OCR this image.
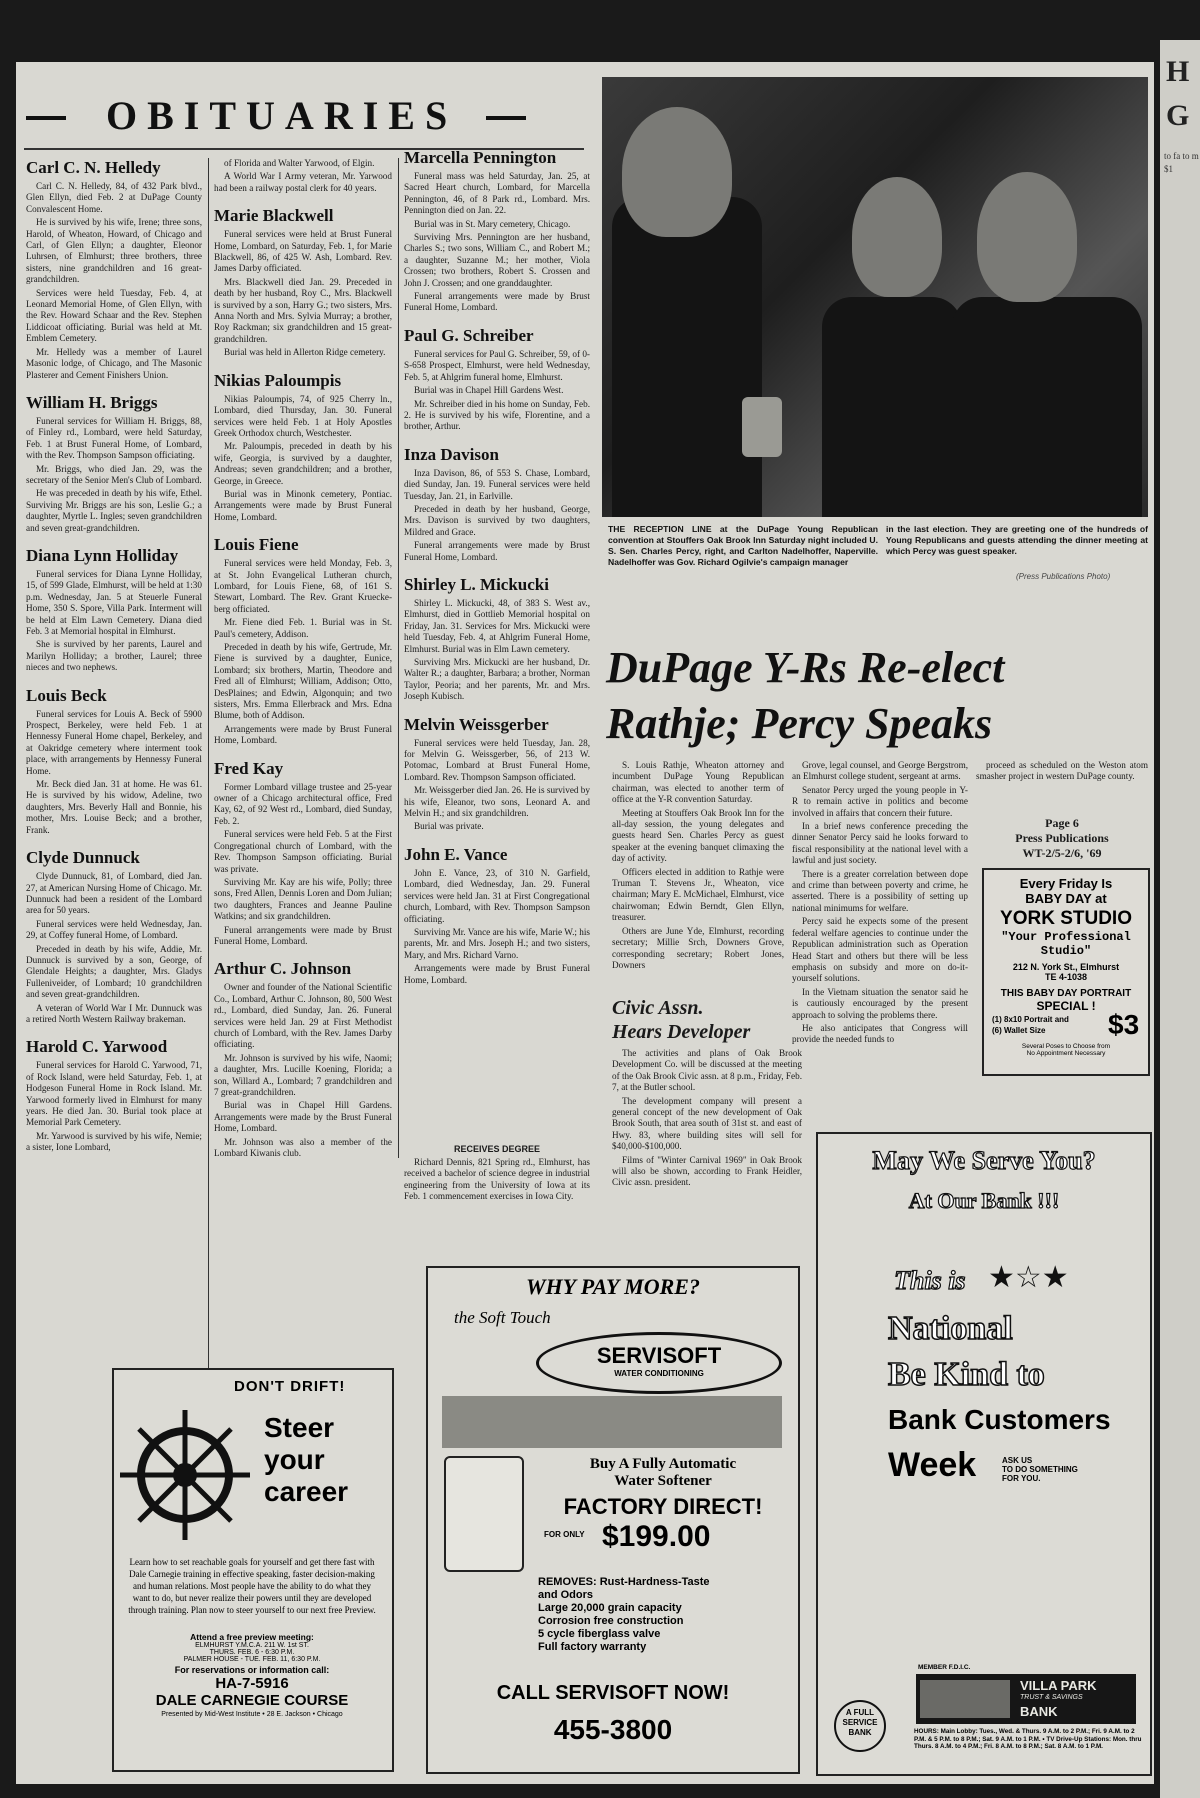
OBITUARIES
Carl C. N. Helledy

Carl C. N. Helledy, 84, of 432 Park blvd., Glen Ellyn, died Feb. 2 at DuPage County Convalescent Home.

He is survived by his wife, Irene; three sons, Harold, of Wheaton, Howard, of Chicago and Carl, of Glen Ellyn; a daughter, Eleonor Luhrsen, of Elmhurst; three brothers, three sisters, nine grandchildren and 16 great-grandchildren.

Services were held Tuesday, Feb. 4, at Leonard Memorial Home, of Glen Ellyn, with the Rev. Howard Schaar and the Rev. Stephen Liddicoat officiating. Burial was held at Mt. Emblem Cemetery.

Mr. Helledy was a member of Laurel Masonic lodge, of Chicago, and The Masonic Plasterer and Cement Finishers Union.

William H. Briggs

Funeral services for William H. Briggs, 88, of Finley rd., Lombard, were held Saturday, Feb. 1 at Brust Funeral Home, of Lombard, with the Rev. Thompson Sampson officiating.

Mr. Briggs, who died Jan. 29, was the secretary of the Senior Men's Club of Lombard.

He was preceded in death by his wife, Ethel. Surviving Mr. Briggs are his son, Leslie G.; a daughter, Myrtle L. Ingles; seven grandchildren and seven great-grandchildren.

Diana Lynn Holliday

Funeral services for Diana Lynne Holliday, 15, of 599 Glade, Elmhurst, will be held at 1:30 p.m. Wednesday, Jan. 5 at Steuerle Funeral Home, 350 S. Spore, Villa Park. Interment will be held at Elm Lawn Cemetery. Diana died Feb. 3 at Memorial hospital in Elmhurst.

She is survived by her parents, Laurel and Marilyn Holliday; a brother, Laurel; three nieces and two nephews.

Louis Beck

Funeral services for Louis A. Beck of 5900 Prospect, Berkeley, were held Feb. 1 at Hennessy Funeral Home chapel, Berkeley, and at Oakridge cemetery where interment took place, with arrangements by Hennessy Funeral Home.

Mr. Beck died Jan. 31 at home. He was 61. He is survived by his widow, Adeline, two daughters, Mrs. Beverly Hall and Bonnie, his mother, Mrs. Louise Beck; and a brother, Frank.

Clyde Dunnuck

Clyde Dunnuck, 81, of Lombard, died Jan. 27, at American Nursing Home of Chicago. Mr. Dunnuck had been a resident of the Lombard area for 50 years.

Funeral services were held Wednesday, Jan. 29, at Coffey funeral Home, of Lombard.

Preceded in death by his wife, Addie, Mr. Dunnuck is survived by a son, George, of Glendale Heights; a daughter, Mrs. Gladys Fulleniveider, of Lombard; 10 grandchildren and seven great-grandchildren.

A veteran of World War I Mr. Dunnuck was a retired North Western Railway brakeman.

Harold C. Yarwood

Funeral services for Harold C. Yarwood, 71, of Rock Island, were held Saturday, Feb. 1, at Hodgeson Funeral Home in Rock Island. Mr. Yarwood formerly lived in Elmhurst for many years. He died Jan. 30. Burial took place at Memorial Park Cemetery.

Mr. Yarwood is survived by his wife, Nemie; a sister, Ione Lombard,

of Florida and Walter Yarwood, of Elgin.

A World War I Army veteran, Mr. Yarwood had been a railway postal clerk for 40 years.

Marie Blackwell

Funeral services were held at Brust Funeral Home, Lombard, on Saturday, Feb. 1, for Marie Blackwell, 86, of 425 W. Ash, Lombard. Rev. James Darby officiated.

Mrs. Blackwell died Jan. 29. Preceded in death by her husband, Roy C., Mrs. Blackwell is survived by a son, Harry G.; two sisters, Mrs. Anna North and Mrs. Sylvia Murray; a brother, Roy Rackman; six grandchildren and 15 great-grandchildren.

Burial was held in Allerton Ridge cemetery.

Nikias Paloumpis

Nikias Paloumpis, 74, of 925 Cherry ln., Lombard, died Thursday, Jan. 30. Funeral services were held Feb. 1 at Holy Apostles Greek Orthodox church, Westchester.

Mr. Paloumpis, preceded in death by his wife, Georgia, is survived by a daughter, Andreas; seven grandchildren; and a brother, George, in Greece.

Burial was in Minonk cemetery, Pontiac. Arrangements were made by Brust Funeral Home, Lombard.

Louis Fiene

Funeral services were held Monday, Feb. 3, at St. John Evangelical Lutheran church, Lombard, for Louis Fiene, 68, of 161 S. Stewart, Lombard. The Rev. Grant Kruecke-berg officiated.

Mr. Fiene died Feb. 1. Burial was in St. Paul's cemetery, Addison.

Preceded in death by his wife, Gertrude, Mr. Fiene is survived by a daughter, Eunice, Lombard; six brothers, Martin, Theodore and Fred all of Elmhurst; William, Addison; Otto, DesPlaines; and Edwin, Algonquin; and two sisters, Mrs. Emma Ellerbrack and Mrs. Edna Blume, both of Addison.

Arrangements were made by Brust Funeral Home, Lombard.

Fred Kay

Former Lombard village trustee and 25-year owner of a Chicago architectural office, Fred Kay, 62, of 92 West rd., Lombard, died Sunday, Feb. 2.

Funeral services were held Feb. 5 at the First Congregational church of Lombard, with the Rev. Thompson Sampson officiating. Burial was private.

Surviving Mr. Kay are his wife, Polly; three sons, Fred Allen, Dennis Loren and Dom Julian; two daughters, Frances and Jeanne Pauline Watkins; and six grandchildren.

Funeral arrangements were made by Brust Funeral Home, Lombard.

Arthur C. Johnson

Owner and founder of the National Scientific Co., Lombard, Arthur C. Johnson, 80, 500 West rd., Lombard, died Sunday, Jan. 26. Funeral services were held Jan. 29 at First Methodist church of Lombard, with the Rev. James Darby officiating.

Mr. Johnson is survived by his wife, Naomi; a daughter, Mrs. Lucille Koening, Florida; a son, Willard A., Lombard; 7 grandchildren and 7 great-grandchildren.

Burial was in Chapel Hill Gardens. Arrangements were made by the Brust Funeral Home, Lombard.

Mr. Johnson was also a member of the Lombard Kiwanis club.

Marcella Pennington

Funeral mass was held Saturday, Jan. 25, at Sacred Heart church, Lombard, for Marcella Pennington, 46, of 8 Park rd., Lombard. Mrs. Pennington died on Jan. 22.

Burial was in St. Mary cemetery, Chicago.

Surviving Mrs. Pennington are her husband, Charles S.; two sons, William C., and Robert M.; a daughter, Suzanne M.; her mother, Viola Crossen; two brothers, Robert S. Crossen and John J. Crossen; and one granddaughter.

Funeral arrangements were made by Brust Funeral Home, Lombard.

Paul G. Schreiber

Funeral services for Paul G. Schreiber, 59, of 0-S-658 Prospect, Elmhurst, were held Wednesday, Feb. 5, at Ahlgrim funeral home, Elmhurst.

Burial was in Chapel Hill Gardens West.

Mr. Schreiber died in his home on Sunday, Feb. 2. He is survived by his wife, Florentine, and a brother, Arthur.

Inza Davison

Inza Davison, 86, of 553 S. Chase, Lombard, died Sunday, Jan. 19. Funeral services were held Tuesday, Jan. 21, in Earlville.

Preceded in death by her husband, George, Mrs. Davison is survived by two daughters, Mildred and Grace.

Funeral arrangements were made by Brust Funeral Home, Lombard.

Shirley L. Mickucki

Shirley L. Mickucki, 48, of 383 S. West av., Elmhurst, died in Gottlieb Memorial hospital on Friday, Jan. 31. Services for Mrs. Mickucki were held Tuesday, Feb. 4, at Ahlgrim Funeral Home, Elmhurst. Burial was in Elm Lawn cemetery.

Surviving Mrs. Mickucki are her husband, Dr. Walter R.; a daughter, Barbara; a brother, Norman Taylor, Peoria; and her parents, Mr. and Mrs. Joseph Kubisch.

Melvin Weissgerber

Funeral services were held Tuesday, Jan. 28, for Melvin G. Weissgerber, 56, of 213 W. Potomac, Lombard at Brust Funeral Home, Lombard. Rev. Thompson Sampson officiated.

Mr. Weissgerber died Jan. 26. He is survived by his wife, Eleanor, two sons, Leonard A. and Melvin H.; and six grandchildren.

Burial was private.

John E. Vance

John E. Vance, 23, of 310 N. Garfield, Lombard, died Wednesday, Jan. 29. Funeral services were held Jan. 31 at First Congregational church, Lombard, with Rev. Thompson Sampson officiating.

Surviving Mr. Vance are his wife, Marie W.; his parents, Mr. and Mrs. Joseph H.; and two sisters, Mary, and Mrs. Richard Varno.

Arrangements were made by Brust Funeral Home, Lombard.

RECEIVES DEGREE

Richard Dennis, 821 Spring rd., Elmhurst, has received a bachelor of science degree in industrial engineering from the University of Iowa at its Feb. 1 commencement exercises in Iowa City.

THE RECEPTION LINE at the DuPage Young Republican convention at Stouffers Oak Brook Inn Saturday night included U. S. Sen. Charles Percy, right, and Carlton Nadelhoffer, Naperville. Nadelhoffer was Gov. Richard Ogilvie's campaign manager
in the last election. They are greeting one of the hundreds of Young Republicans and guests attending the dinner meeting at which Percy was guest speaker.
(Press Publications Photo)
DuPage Y-Rs Re-elect
Rathje; Percy Speaks

S. Louis Rathje, Wheaton attorney and incumbent DuPage Young Republican chairman, was elected to another term of office at the Y-R convention Saturday.

Meeting at Stouffers Oak Brook Inn for the all-day session, the young delegates and guests heard Sen. Charles Percy as guest speaker at the evening banquet climaxing the day of activity.

Officers elected in addition to Rathje were Truman T. Stevens Jr., Wheaton, vice chairman; Mary E. McMichael, Elmhurst, vice chairwoman; Edwin Berndt, Glen Ellyn, treasurer.

Others are June Yde, Elmhurst, recording secretary; Millie Srch, Downers Grove, corresponding secretary; Robert Jones, Downers

Grove, legal counsel, and George Bergstrom, an Elmhurst college student, sergeant at arms.

Senator Percy urged the young people in Y-R to remain active in politics and become involved in affairs that concern their future.

In a brief news conference preceding the dinner Senator Percy said he looks forward to fiscal responsibility at the national level with a lawful and just society.

There is a greater correlation between dope and crime than between poverty and crime, he asserted. There is a possibility of setting up national minimums for welfare.

Percy said he expects some of the present federal welfare agencies to continue under the Republican administration such as Operation Head Start and others but there will be less emphasis on subsidy and more on do-it-yourself solutions.

In the Vietnam situation the senator said he is cautiously encouraged by the present approach to solving the problems there.

He also anticipates that Congress will provide the needed funds to

proceed as scheduled on the Weston atom smasher project in western DuPage county.

Page 6
Press Publications
WT-2/5-2/6, '69
Every Friday Is
BABY DAY at
YORK STUDIO
"Your Professional
Studio"
212 N. York St., Elmhurst
TE 4-1038
THIS BABY DAY PORTRAIT
SPECIAL !
(1) 8x10 Portrait and
(6) Wallet Size $3
Several Poses to Choose from
No Appointment Necessary
Civic Assn.
Hears Developer

The activities and plans of Oak Brook Development Co. will be discussed at the meeting of the Oak Brook Civic assn. at 8 p.m., Friday, Feb. 7, at the Butler school.

The development company will present a general concept of the new development of Oak Brook South, that area south of 31st st. and east of Hwy. 83, where building sites will sell for $40,000-$100,000.

Films of "Winter Carnival 1969" in Oak Brook will also be shown, according to Frank Heidler, Civic assn. president.

DON'T DRIFT!
Steer
your
career
Learn how to set reachable goals for yourself and get there fast with Dale Carnegie training in effective speaking, faster decision-making and human relations. Most people have the ability to do what they want to do, but never realize their powers until they are developed through training. Plan now to steer yourself to our next free Preview.
Attend a free preview meeting:
ELMHURST Y.M.C.A. 211 W. 1st ST.
THURS. FEB. 6 - 6:30 P.M.
PALMER HOUSE - TUE. FEB. 11, 6:30 P.M.
For reservations or information call:
HA-7-5916
DALE CARNEGIE COURSE
Presented by Mid-West Institute • 28 E. Jackson • Chicago
WHY PAY MORE?
the Soft Touch
SERVISOFT
WATER CONDITIONING
Buy A Fully Automatic
Water Softener
FACTORY DIRECT!
FOR ONLY $199.00
REMOVES: Rust-Hardness-Taste
and Odors
Large 20,000 grain capacity
Corrosion free construction
5 cycle fiberglass valve
Full factory warranty
CALL SERVISOFT NOW!
455-3800
May We Serve You?
At Our Bank !!!
This is ★☆★
National
Be Kind to
Bank Customers
Week	ASK US
TO DO SOMETHING
FOR YOU.
MEMBER F.D.I.C.
A FULL SERVICE BANK
VILLA PARK
TRUST & SAVINGS
BANK
HOURS: Main Lobby: Tues., Wed. & Thurs. 9 A.M. to 2 P.M.; Fri. 9 A.M. to 2 P.M. & 5 P.M. to 8 P.M.; Sat. 9 A.M. to 1 P.M. • TV Drive-Up Stations: Mon. thru Thurs. 8 A.M. to 4 P.M.; Fri. 8 A.M. to 8 P.M.; Sat. 8 A.M. to 1 P.M.
H G
to fa to m $1
